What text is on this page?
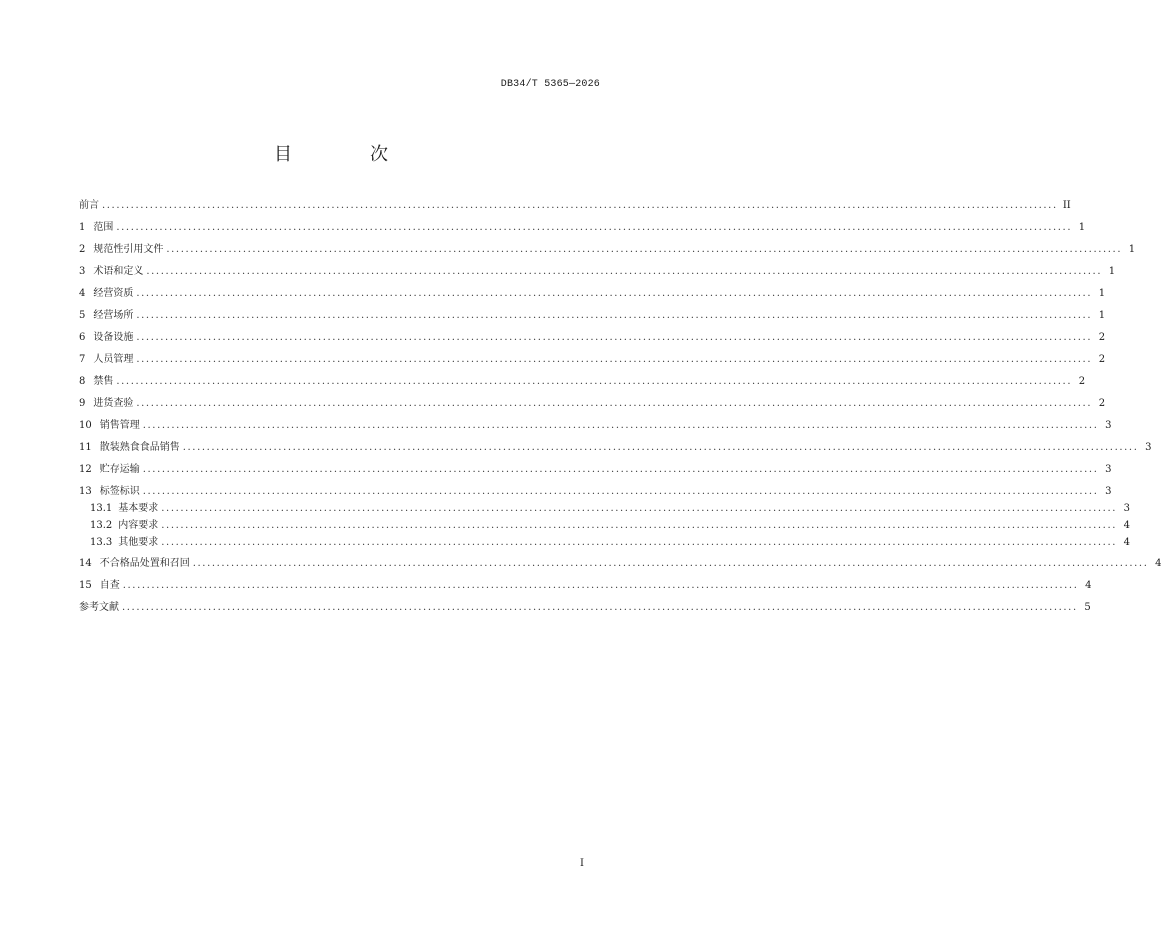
DB34/T 5365—2026
目　次
前言 ........................................................................................................................................................................................................ II
1 范围 ........................................................................................................................................................................................................ 1
2 规范性引用文件 ........................................................................................................................................................................................................ 1
3 术语和定义 ........................................................................................................................................................................................................ 1
4 经营资质 ........................................................................................................................................................................................................ 1
5 经营场所 ........................................................................................................................................................................................................ 1
6 设备设施 ........................................................................................................................................................................................................ 2
7 人员管理 ........................................................................................................................................................................................................ 2
8 禁售 ........................................................................................................................................................................................................ 2
9 进货查验 ........................................................................................................................................................................................................ 2
10 销售管理 ........................................................................................................................................................................................................ 3
11 散装熟食食品销售 ........................................................................................................................................................................................................ 3
12 贮存运输 ........................................................................................................................................................................................................ 3
13 标签标识 ........................................................................................................................................................................................................ 3
13.1 基本要求 ........................................................................................................................................................................................................ 3
13.2 内容要求 ........................................................................................................................................................................................................ 4
13.3 其他要求 ........................................................................................................................................................................................................ 4
14 不合格品处置和召回 ........................................................................................................................................................................................................ 4
15 自查 ........................................................................................................................................................................................................ 4
参考文献 ........................................................................................................................................................................................................ 5
I
